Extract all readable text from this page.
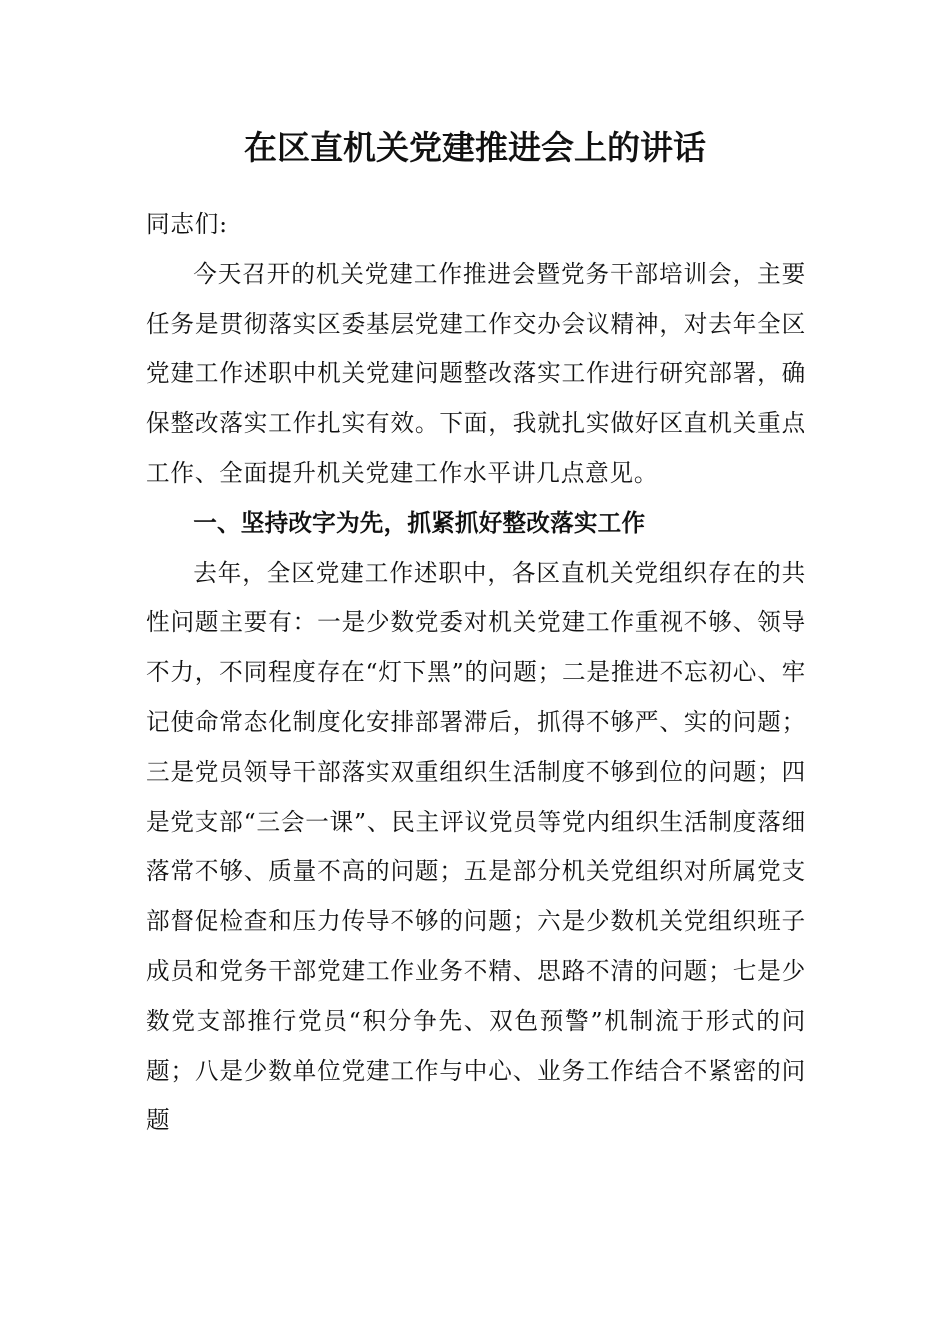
在区直机关党建推进会上的讲话

同志们:

今天召开的机关党建工作推进会暨党务干部培训会，主要任务是贯彻落实区委基层党建工作交办会议精神，对去年全区党建工作述职中机关党建问题整改落实工作进行研究部署，确保整改落实工作扎实有效。下面，我就扎实做好区直机关重点工作、全面提升机关党建工作水平讲几点意见。

一、坚持改字为先，抓紧抓好整改落实工作

去年，全区党建工作述职中，各区直机关党组织存在的共性问题主要有：一是少数党委对机关党建工作重视不够、领导不力，不同程度存在“灯下黑”的问题；二是推进不忘初心、牢记使命常态化制度化安排部署滞后，抓得不够严、实的问题；三是党员领导干部落实双重组织生活制度不够到位的问题；四是党支部“三会一课”、民主评议党员等党内组织生活制度落细落常不够、质量不高的问题；五是部分机关党组织对所属党支部督促检查和压力传导不够的问题；六是少数机关党组织班子成员和党务干部党建工作业务不精、思路不清的问题；七是少数党支部推行党员“积分争先、双色预警”机制流于形式的问题；八是少数单位党建工作与中心、业务工作结合不紧密的问题
